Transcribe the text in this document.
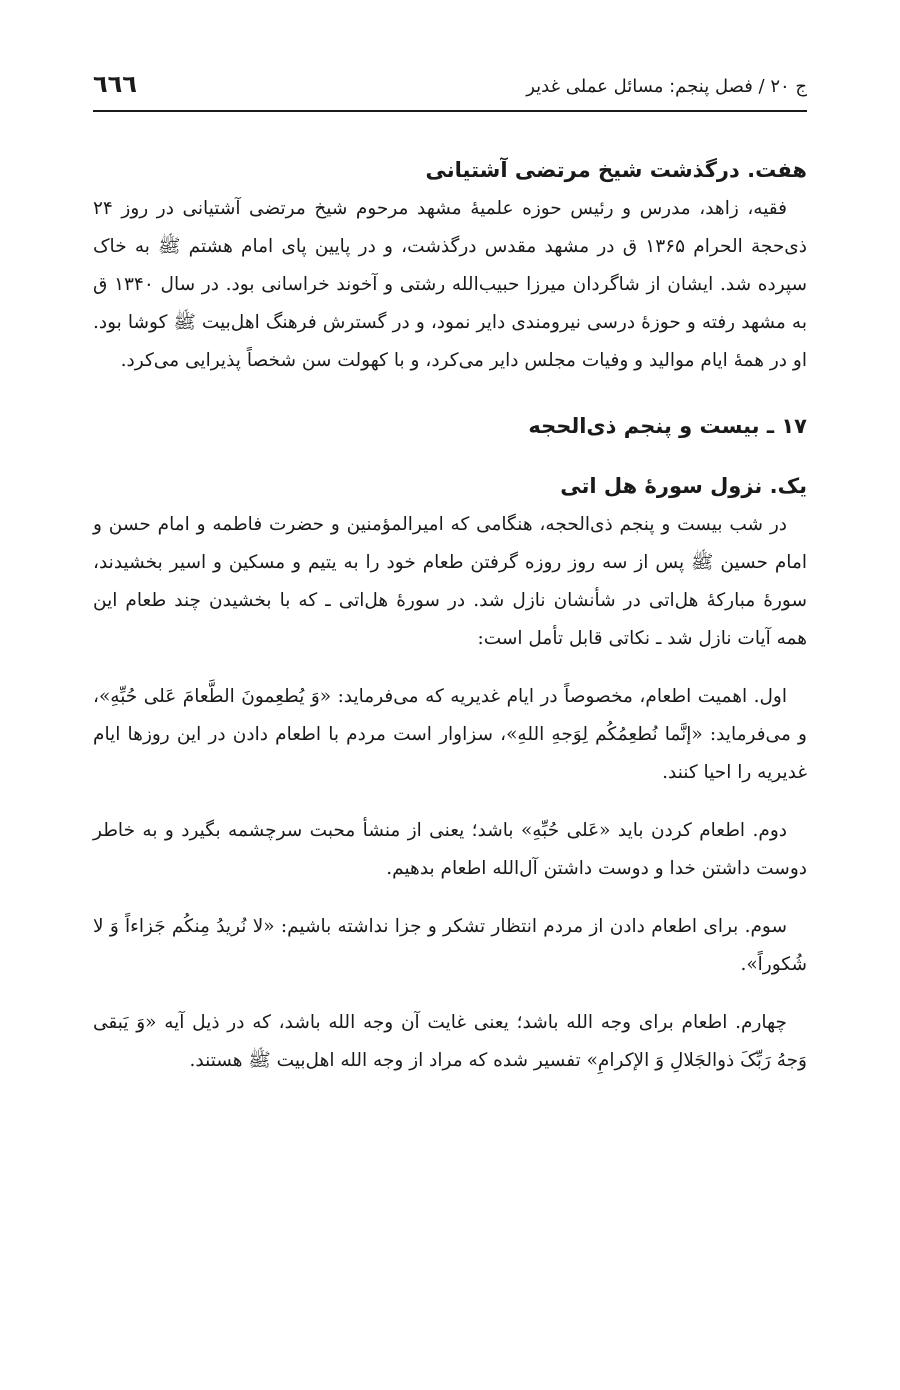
ج ۲۰ / فصل پنجم: مسائل عملی غدیر
٦٦٦
هفت. درگذشت شیخ مرتضی آشتیانی

فقیه، زاهد، مدرس و رئیس حوزه علمیهٔ مشهد مرحوم شیخ مرتضی آشتیانی در روز ۲۴ ذی‌حجة الحرام ۱۳۶۵ ق در مشهد مقدس درگذشت، و در پایین پای امام هشتم ﷺ به خاک سپرده شد. ایشان از شاگردان میرزا حبیب‌الله رشتی و آخوند خراسانی بود. در سال ۱۳۴۰ ق به مشهد رفته و حوزهٔ درسی نیرومندی دایر نمود، و در گسترش فرهنگ اهل‌بیت ﷺ کوشا بود. او در همهٔ ایام موالید و وفیات مجلس دایر می‌کرد، و با کهولت سن شخصاً پذیرایی می‌کرد.

۱۷ ـ بیست و پنجم ذی‌الحجه
یک. نزول سورهٔ هل اتی

در شب بیست و پنجم ذی‌الحجه، هنگامی که امیرالمؤمنین و حضرت فاطمه و امام حسن و امام حسین ﷺ پس از سه روز روزه گرفتن طعام خود را به یتیم و مسکین و اسیر بخشیدند، سورهٔ مبارکهٔ هل‌اتی در شأنشان نازل شد. در سورهٔ هل‌اتی ـ که با بخشیدن چند طعام این همه آیات نازل شد ـ نکاتی قابل تأمل است:

اول. اهمیت اطعام، مخصوصاً در ایام غدیریه که می‌فرماید: «وَ یُطعِمونَ الطَّعامَ عَلی حُبِّهِ»، و می‌فرماید: «إنَّما نُطعِمُکُم لِوَجهِ اللهِ»، سزاوار است مردم با اطعام دادن در این روزها ایام غدیریه را احیا کنند.

دوم. اطعام کردن باید «عَلی حُبِّهِ» باشد؛ یعنی از منشأ محبت سرچشمه بگیرد و به خاطر دوست داشتن خدا و دوست داشتن آل‌الله اطعام بدهیم.

سوم. برای اطعام دادن از مردم انتظار تشکر و جزا نداشته باشیم: «لا نُریدُ مِنکُم جَزاءاً وَ لا شُکوراً».

چهارم. اطعام برای وجه الله باشد؛ یعنی غایت آن وجه الله باشد، که در ذیل آیه «وَ یَبقی وَجهُ رَبِّکَ ذوالجَلالِ وَ الإکرامِ» تفسیر شده که مراد از وجه الله اهل‌بیت ﷺ هستند.
